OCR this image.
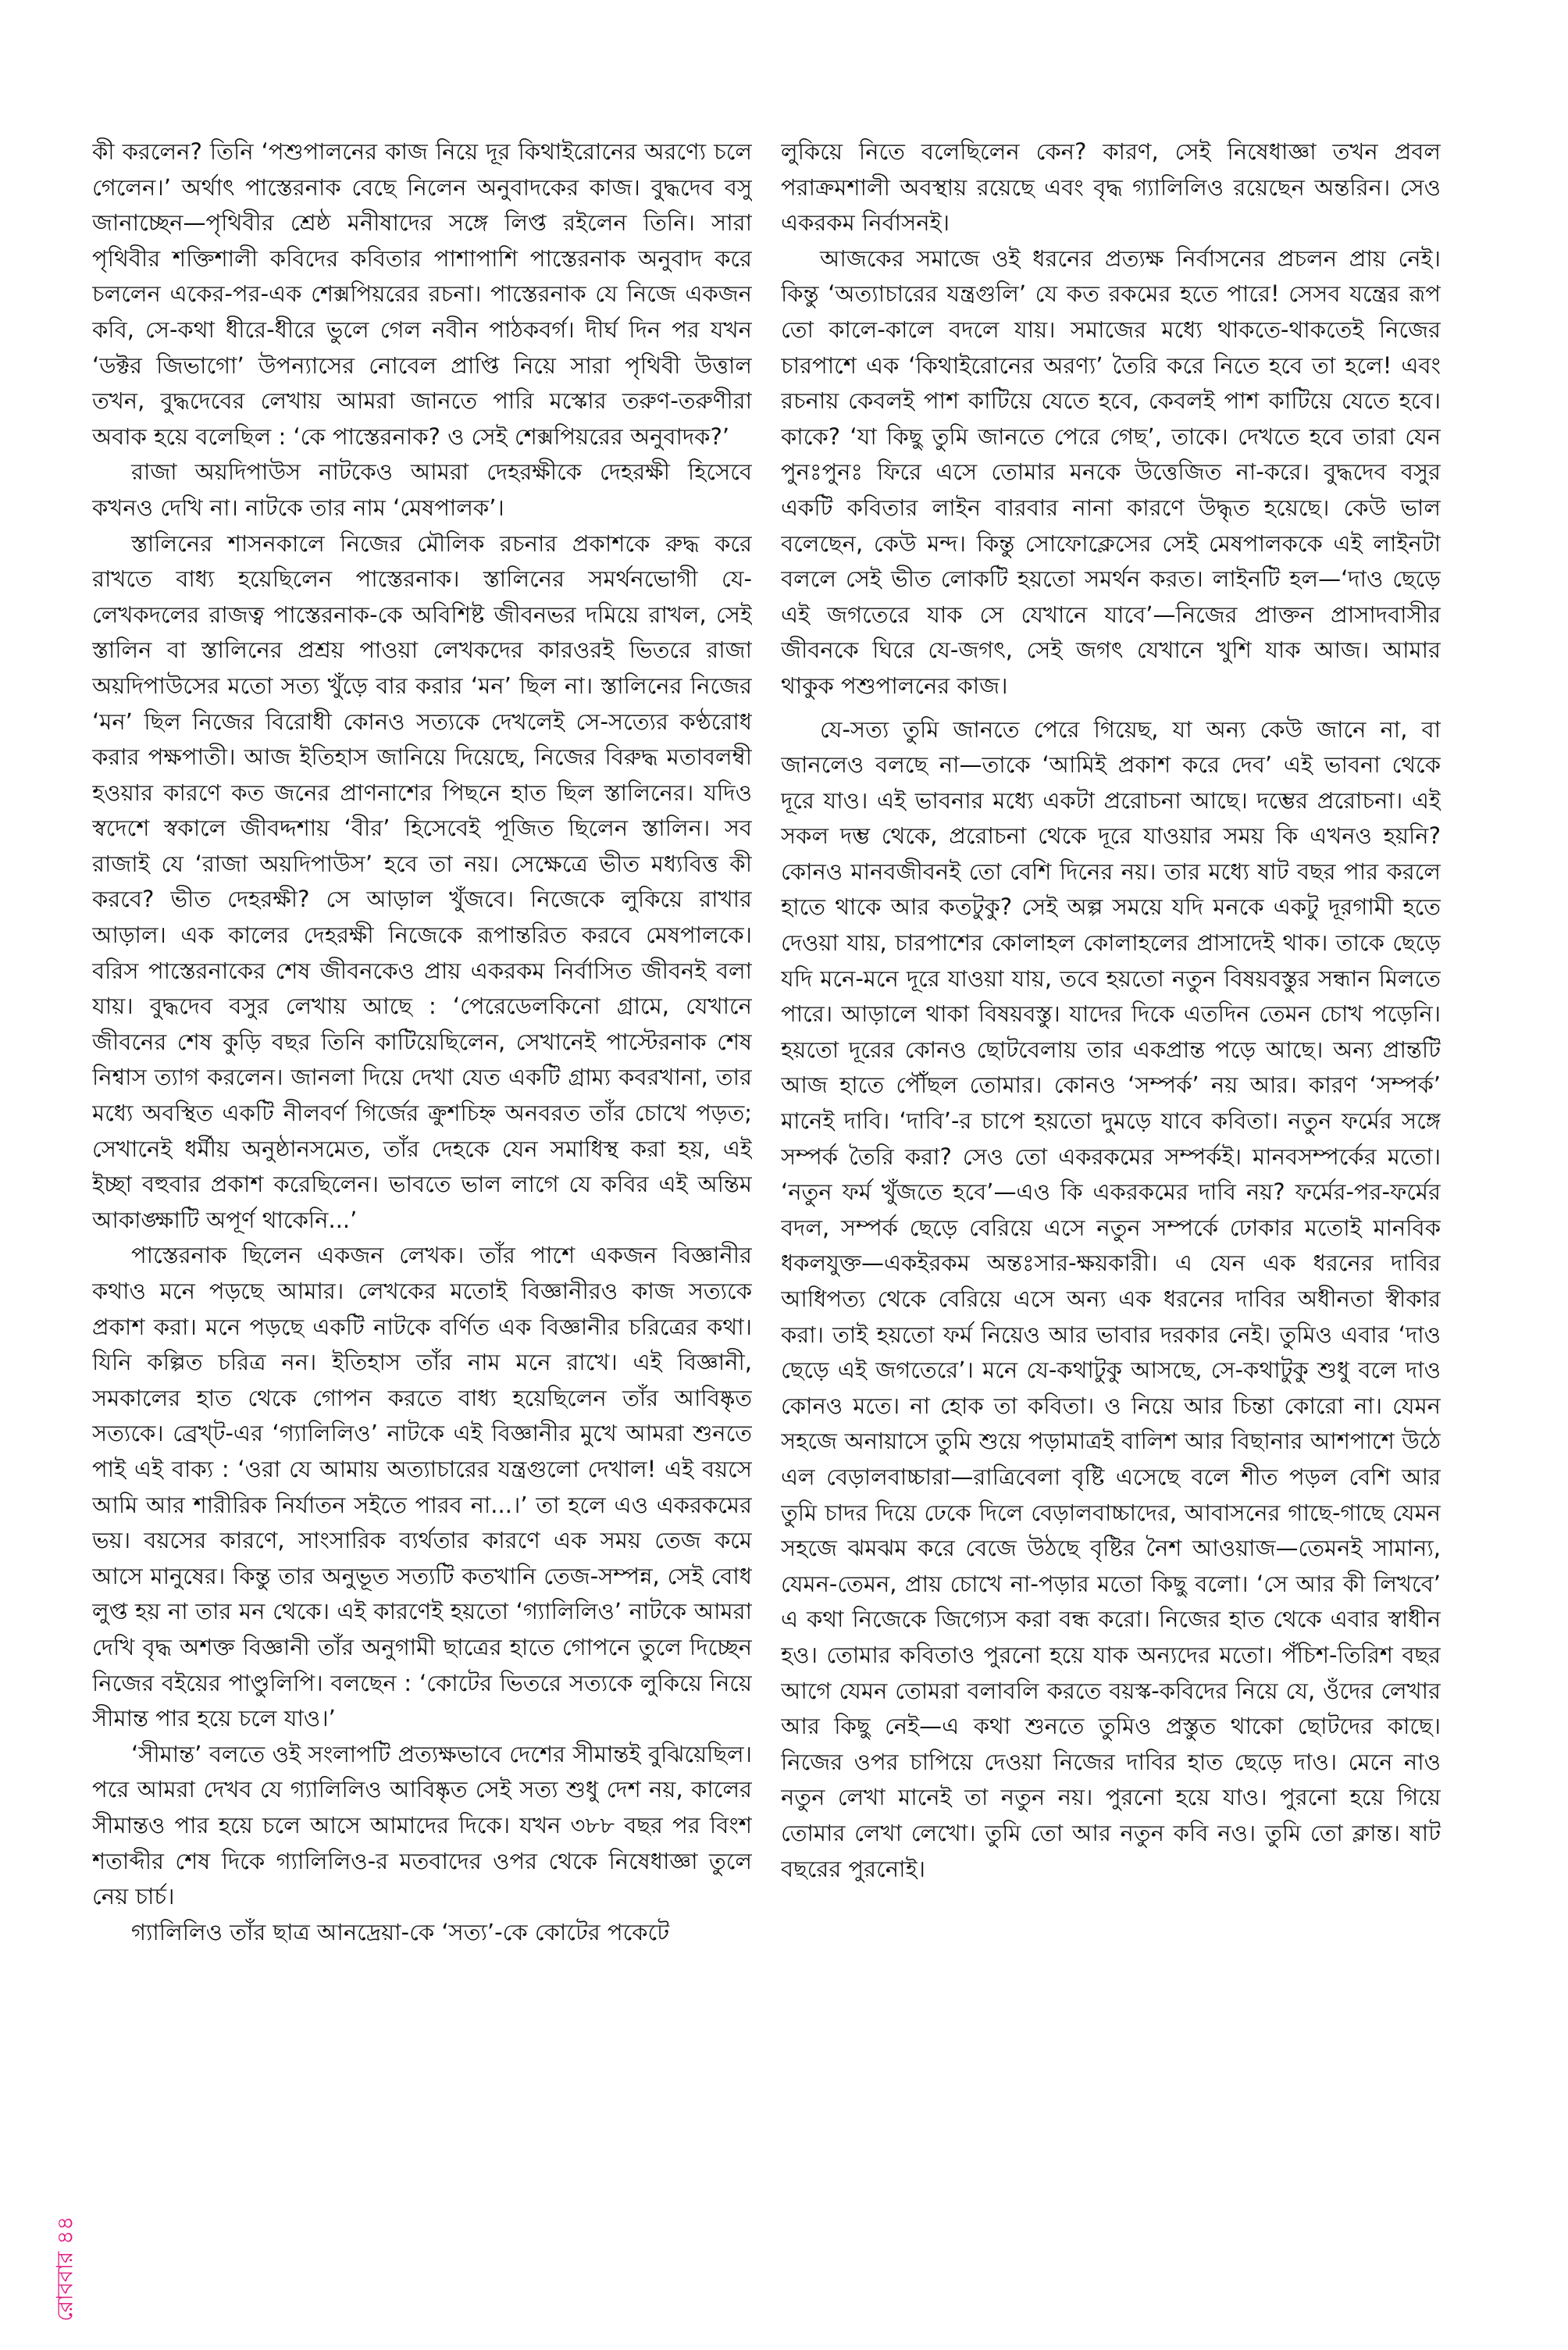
কী করলেন? তিনি ‘পশুপালনের কাজ নিয়ে দূর কিথাইরোনের অরণ্যে চলে গেলেন।’ অর্থাৎ পাস্তেরনাক বেছে নিলেন অনুবাদকের কাজ। বুদ্ধদেব বসু জানাচ্ছেন—পৃথিবীর শ্রেষ্ঠ মনীষাদের সঙ্গে লিপ্ত রইলেন তিনি। সারা পৃথিবীর শক্তিশালী কবিদের কবিতার পাশাপাশি পাস্তেরনাক অনুবাদ করে চললেন একের-পর-এক শেক্সপিয়রের রচনা। পাস্তেরনাক যে নিজে একজন কবি, সে-কথা ধীরে-ধীরে ভুলে গেল নবীন পাঠকবর্গ। দীর্ঘ দিন পর যখন ‘ডক্টর জিভাগো’ উপন্যাসের নোবেল প্রাপ্তি নিয়ে সারা পৃথিবী উত্তাল তখন, বুদ্ধদেবের লেখায় আমরা জানতে পারি মস্কোর তরুণ-তরুণীরা অবাক হয়ে বলেছিল : ‘কে পাস্তেরনাক? ও সেই শেক্সপিয়রের অনুবাদক?’

রাজা অয়দিপাউস নাটকেও আমরা দেহরক্ষীকে দেহরক্ষী হিসেবে কখনও দেখি না। নাটকে তার নাম ‘মেষপালক’।

স্তালিনের শাসনকালে নিজের মৌলিক রচনার প্রকাশকে রুদ্ধ করে রাখতে বাধ্য হয়েছিলেন পাস্তেরনাক। স্তালিনের সমর্থনভোগী যে-লেখকদলের রাজত্ব পাস্তেরনাক-কে অবিশিষ্ট জীবনভর দমিয়ে রাখল, সেই স্তালিন বা স্তালিনের প্রশ্রয় পাওয়া লেখকদের কারওরই ভিতরে রাজা অয়দিপাউসের মতো সত্য খুঁড়ে বার করার ‘মন’ ছিল না। স্তালিনের নিজের ‘মন’ ছিল নিজের বিরোধী কোনও সত্যকে দেখলেই সে-সত্যের কণ্ঠরোধ করার পক্ষপাতী। আজ ইতিহাস জানিয়ে দিয়েছে, নিজের বিরুদ্ধ মতাবলম্বী হওয়ার কারণে কত জনের প্রাণনাশের পিছনে হাত ছিল স্তালিনের। যদিও স্বদেশে স্বকালে জীবদ্দশায় ‘বীর’ হিসেবেই পূজিত ছিলেন স্তালিন। সব রাজাই যে ‘রাজা অয়দিপাউস’ হবে তা নয়। সেক্ষেত্রে ভীত মধ্যবিত্ত কী করবে? ভীত দেহরক্ষী? সে আড়াল খুঁজবে। নিজেকে লুকিয়ে রাখার আড়াল। এক কালের দেহরক্ষী নিজেকে রূপান্তরিত করবে মেষপালকে। বরিস পাস্তেরনাকের শেষ জীবনকেও প্রায় একরকম নির্বাসিত জীবনই বলা যায়। বুদ্ধদেব বসুর লেখায় আছে : ‘পেরেডেলকিনো গ্রামে, যেখানে জীবনের শেষ কুড়ি বছর তিনি কাটিয়েছিলেন, সেখানেই পাস্টেরনাক শেষ নিশ্বাস ত্যাগ করলেন। জানলা দিয়ে দেখা যেত একটি গ্রাম্য কবরখানা, তার মধ্যে অবস্থিত একটি নীলবর্ণ গির্জের ক্রুশচিহ্ন অনবরত তাঁর চোখে পড়ত; সেখানেই ধর্মীয় অনুষ্ঠানসমেত, তাঁর দেহকে যেন সমাধিস্থ করা হয়, এই ইচ্ছা বহুবার প্রকাশ করেছিলেন। ভাবতে ভাল লাগে যে কবির এই অন্তিম আকাঙ্ক্ষাটি অপূর্ণ থাকেনি...’

পাস্তেরনাক ছিলেন একজন লেখক। তাঁর পাশে একজন বিজ্ঞানীর কথাও মনে পড়ছে আমার। লেখকের মতোই বিজ্ঞানীরও কাজ সত্যকে প্রকাশ করা। মনে পড়ছে একটি নাটকে বর্ণিত এক বিজ্ঞানীর চরিত্রের কথা। যিনি কল্পিত চরিত্র নন। ইতিহাস তাঁর নাম মনে রাখে। এই বিজ্ঞানী, সমকালের হাত থেকে গোপন করতে বাধ্য হয়েছিলেন তাঁর আবিষ্কৃত সত্যকে। ব্রেখ্‌ট-এর ‘গ্যালিলিও’ নাটকে এই বিজ্ঞানীর মুখে আমরা শুনতে পাই এই বাক্য : ‘ওরা যে আমায় অত্যাচারের যন্ত্রগুলো দেখাল! এই বয়সে আমি আর শারীরিক নির্যাতন সইতে পারব না...।’ তা হলে এও একরকমের ভয়। বয়সের কারণে, সাংসারিক ব্যর্থতার কারণে এক সময় তেজ কমে আসে মানুষের। কিন্তু তার অনুভূত সত্যটি কতখানি তেজ-সম্পন্ন, সেই বোধ লুপ্ত হয় না তার মন থেকে। এই কারণেই হয়তো ‘গ্যালিলিও’ নাটকে আমরা দেখি বৃদ্ধ অশক্ত বিজ্ঞানী তাঁর অনুগামী ছাত্রের হাতে গোপনে তুলে দিচ্ছেন নিজের বইয়ের পাণ্ডুলিপি। বলছেন : ‘কোটের ভিতরে সত্যকে লুকিয়ে নিয়ে সীমান্ত পার হয়ে চলে যাও।’

‘সীমান্ত’ বলতে ওই সংলাপটি প্রত্যক্ষভাবে দেশের সীমান্তই বুঝিয়েছিল। পরে আমরা দেখব যে গ্যালিলিও আবিষ্কৃত সেই সত্য শুধু দেশ নয়, কালের সীমান্তও পার হয়ে চলে আসে আমাদের দিকে। যখন ৩৮৮ বছর পর বিংশ শতাব্দীর শেষ দিকে গ্যালিলিও-র মতবাদের ওপর থেকে নিষেধাজ্ঞা তুলে নেয় চার্চ।

গ্যালিলিও তাঁর ছাত্র আনদ্রেয়া-কে ‘সত্য’-কে কোটের পকেটে

লুকিয়ে নিতে বলেছিলেন কেন? কারণ, সেই নিষেধাজ্ঞা তখন প্রবল পরাক্রমশালী অবস্থায় রয়েছে এবং বৃদ্ধ গ্যালিলিও রয়েছেন অন্তরিন। সেও একরকম নির্বাসনই।

আজকের সমাজে ওই ধরনের প্রত্যক্ষ নির্বাসনের প্রচলন প্রায় নেই। কিন্তু ‘অত্যাচারের যন্ত্রগুলি’ যে কত রকমের হতে পারে! সেসব যন্ত্রের রূপ তো কালে-কালে বদলে যায়। সমাজের মধ্যে থাকতে-থাকতেই নিজের চারপাশে এক ‘কিথাইরোনের অরণ্য’ তৈরি করে নিতে হবে তা হলে! এবং রচনায় কেবলই পাশ কাটিয়ে যেতে হবে, কেবলই পাশ কাটিয়ে যেতে হবে। কাকে? ‘যা কিছু তুমি জানতে পেরে গেছ’, তাকে। দেখতে হবে তারা যেন পুনঃপুনঃ ফিরে এসে তোমার মনকে উত্তেজিত না-করে। বুদ্ধদেব বসুর একটি কবিতার লাইন বারবার নানা কারণে উদ্ধৃত হয়েছে। কেউ ভাল বলেছেন, কেউ মন্দ। কিন্তু সোফোক্লেসের সেই মেষপালককে এই লাইনটা বললে সেই ভীত লোকটি হয়তো সমর্থন করত। লাইনটি হল—‘দাও ছেড়ে এই জগতেরে যাক সে যেখানে যাবে’—নিজের প্রাক্তন প্রাসাদবাসীর জীবনকে ঘিরে যে-জগৎ, সেই জগৎ যেখানে খুশি যাক আজ। আমার থাকুক পশুপালনের কাজ।

যে-সত্য তুমি জানতে পেরে গিয়েছ, যা অন্য কেউ জানে না, বা জানলেও বলছে না—তাকে ‘আমিই প্রকাশ করে দেব’ এই ভাবনা থেকে দূরে যাও। এই ভাবনার মধ্যে একটা প্ররোচনা আছে। দম্ভের প্ররোচনা। এই সকল দম্ভ থেকে, প্ররোচনা থেকে দূরে যাওয়ার সময় কি এখনও হয়নি? কোনও মানবজীবনই তো বেশি দিনের নয়। তার মধ্যে ষাট বছর পার করলে হাতে থাকে আর কতটুকু? সেই অল্প সময়ে যদি মনকে একটু দূরগামী হতে দেওয়া যায়, চারপাশের কোলাহল কোলাহলের প্রাসাদেই থাক। তাকে ছেড়ে যদি মনে-মনে দূরে যাওয়া যায়, তবে হয়তো নতুন বিষয়বস্তুর সন্ধান মিলতে পারে। আড়ালে থাকা বিষয়বস্তু। যাদের দিকে এতদিন তেমন চোখ পড়েনি। হয়তো দূরের কোনও ছোটবেলায় তার একপ্রান্ত পড়ে আছে। অন্য প্রান্তটি আজ হাতে পৌঁছল তোমার। কোনও ‘সম্পর্ক’ নয় আর। কারণ ‘সম্পর্ক’ মানেই দাবি। ‘দাবি’-র চাপে হয়তো দুমড়ে যাবে কবিতা। নতুন ফর্মের সঙ্গে সম্পর্ক তৈরি করা? সেও তো একরকমের সম্পর্কই। মানবসম্পর্কের মতো। ‘নতুন ফর্ম খুঁজতে হবে’—এও কি একরকমের দাবি নয়? ফর্মের-পর-ফর্মের বদল, সম্পর্ক ছেড়ে বেরিয়ে এসে নতুন সম্পর্কে ঢোকার মতোই মানবিক ধকলযুক্ত—একইরকম অন্তঃসার-ক্ষয়কারী। এ যেন এক ধরনের দাবির আধিপত্য থেকে বেরিয়ে এসে অন্য এক ধরনের দাবির অধীনতা স্বীকার করা। তাই হয়তো ফর্ম নিয়েও আর ভাবার দরকার নেই। তুমিও এবার ‘দাও ছেড়ে এই জগতেরে’। মনে যে-কথাটুকু আসছে, সে-কথাটুকু শুধু বলে দাও কোনও মতে। না হোক তা কবিতা। ও নিয়ে আর চিন্তা কোরো না। যেমন সহজে অনায়াসে তুমি শুয়ে পড়ামাত্রই বালিশ আর বিছানার আশপাশে উঠে এল বেড়ালবাচ্চারা—রাত্রিবেলা বৃষ্টি এসেছে বলে শীত পড়ল বেশি আর তুমি চাদর দিয়ে ঢেকে দিলে বেড়ালবাচ্চাদের, আবাসনের গাছে-গাছে যেমন সহজে ঝমঝম করে বেজে উঠছে বৃষ্টির নৈশ আওয়াজ—তেমনই সামান্য, যেমন-তেমন, প্রায় চোখে না-পড়ার মতো কিছু বলো। ‘সে আর কী লিখবে’ এ কথা নিজেকে জিগ্যেস করা বন্ধ করো। নিজের হাত থেকে এবার স্বাধীন হও। তোমার কবিতাও পুরনো হয়ে যাক অন্যদের মতো। পঁচিশ-তিরিশ বছর আগে যেমন তোমরা বলাবলি করতে বয়স্ক-কবিদের নিয়ে যে, ওঁদের লেখার আর কিছু নেই—এ কথা শুনতে তুমিও প্রস্তুত থাকো ছোটদের কাছে। নিজের ওপর চাপিয়ে দেওয়া নিজের দাবির হাত ছেড়ে দাও। মেনে নাও নতুন লেখা মানেই তা নতুন নয়। পুরনো হয়ে যাও। পুরনো হয়ে গিয়ে তোমার লেখা লেখো। তুমি তো আর নতুন কবি নও। তুমি তো ক্লান্ত। ষাট বছরের পুরনোই।

রোববার ৪৪
